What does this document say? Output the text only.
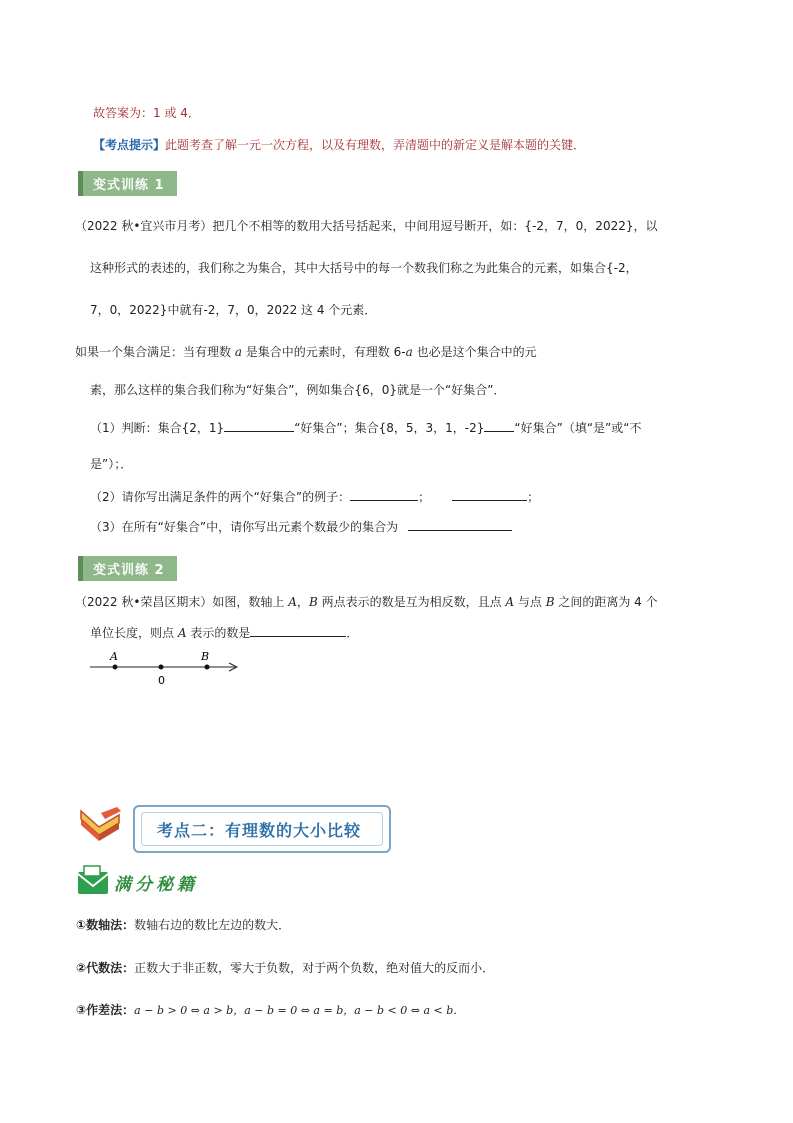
故答案为：1 或 4．
【考点提示】此题考查了解一元一次方程，以及有理数，弄清题中的新定义是解本题的关键．
变式训练 1
（2022 秋•宜兴市月考）把几个不相等的数用大括号括起来，中间用逗号断开，如：{-2，7，0，2022}，以
这种形式的表述的，我们称之为集合，其中大括号中的每一个数我们称之为此集合的元素，如集合{-2，
7，0，2022}中就有-2，7，0，2022 这 4 个元素．
如果一个集合满足：当有理数 a 是集合中的元素时，有理数 6-a 也必是这个集合中的元
素，那么这样的集合我们称为“好集合”，例如集合{6，0}就是一个“好集合”．
（1）判断：集合{2，1}	“好集合”；集合{8，5，3，1，-2}	“好集合”（填“是”或“不
是”）；．
（2）请你写出满足条件的两个“好集合”的例子：	；	；
（3）在所有“好集合”中，请你写出元素个数最少的集合为
变式训练 2
（2022 秋•荣昌区期末）如图，数轴上 A，B 两点表示的数是互为相反数，且点 A 与点 B 之间的距离为 4 个
单位长度，则点 A 表示的数是	．
A	B
0
考点二：有理数的大小比较
满分秘籍
①数轴法：数轴右边的数比左边的数大．
②代数法：正数大于非正数，零大于负数，对于两个负数，绝对值大的反而小．
③作差法：a − b > 0 ⇔ a > b，a − b = 0 ⇔ a = b，a − b < 0 ⇔ a < b．
